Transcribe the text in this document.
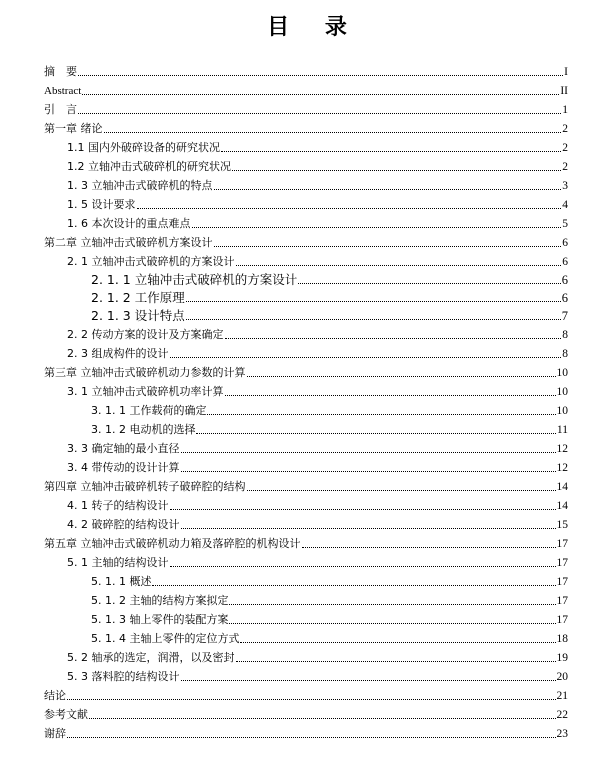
目 录
摘　要	I
Abstract	II
引　言	1
第一章 绪论	2
1.1 国内外破碎设备的研究状况	2
1.2 立轴冲击式破碎机的研究状况	2
1. 3 立轴冲击式破碎机的特点	3
1. 5 设计要求	4
1. 6 本次设计的重点难点	5
第二章 立轴冲击式破碎机方案设计	6
2. 1 立轴冲击式破碎机的方案设计	6
2. 1. 1 立轴冲击式破碎机的方案设计	6
2. 1. 2 工作原理	6
2. 1. 3 设计特点	7
2. 2 传动方案的设计及方案确定	8
2. 3 组成构件的设计	8
第三章 立轴冲击式破碎机动力参数的计算	10
3. 1 立轴冲击式破碎机功率计算	10
3. 1. 1 工作载荷的确定	10
3. 1. 2 电动机的选择	11
3. 3 确定轴的最小直径	12
3. 4 带传动的设计计算	12
第四章 立轴冲击破碎机转子破碎腔的结构	14
4. 1 转子的结构设计	14
4. 2 破碎腔的结构设计	15
第五章 立轴冲击式破碎机动力箱及落碎腔的机构设计	17
5. 1 主轴的结构设计	17
5. 1. 1 概述	17
5. 1. 2 主轴的结构方案拟定	17
5. 1. 3 轴上零件的装配方案	17
5. 1. 4 主轴上零件的定位方式	18
5. 2 轴承的选定，润滑，以及密封	19
5. 3 落料腔的结构设计	20
结论	21
参考文献	22
谢辞	23
